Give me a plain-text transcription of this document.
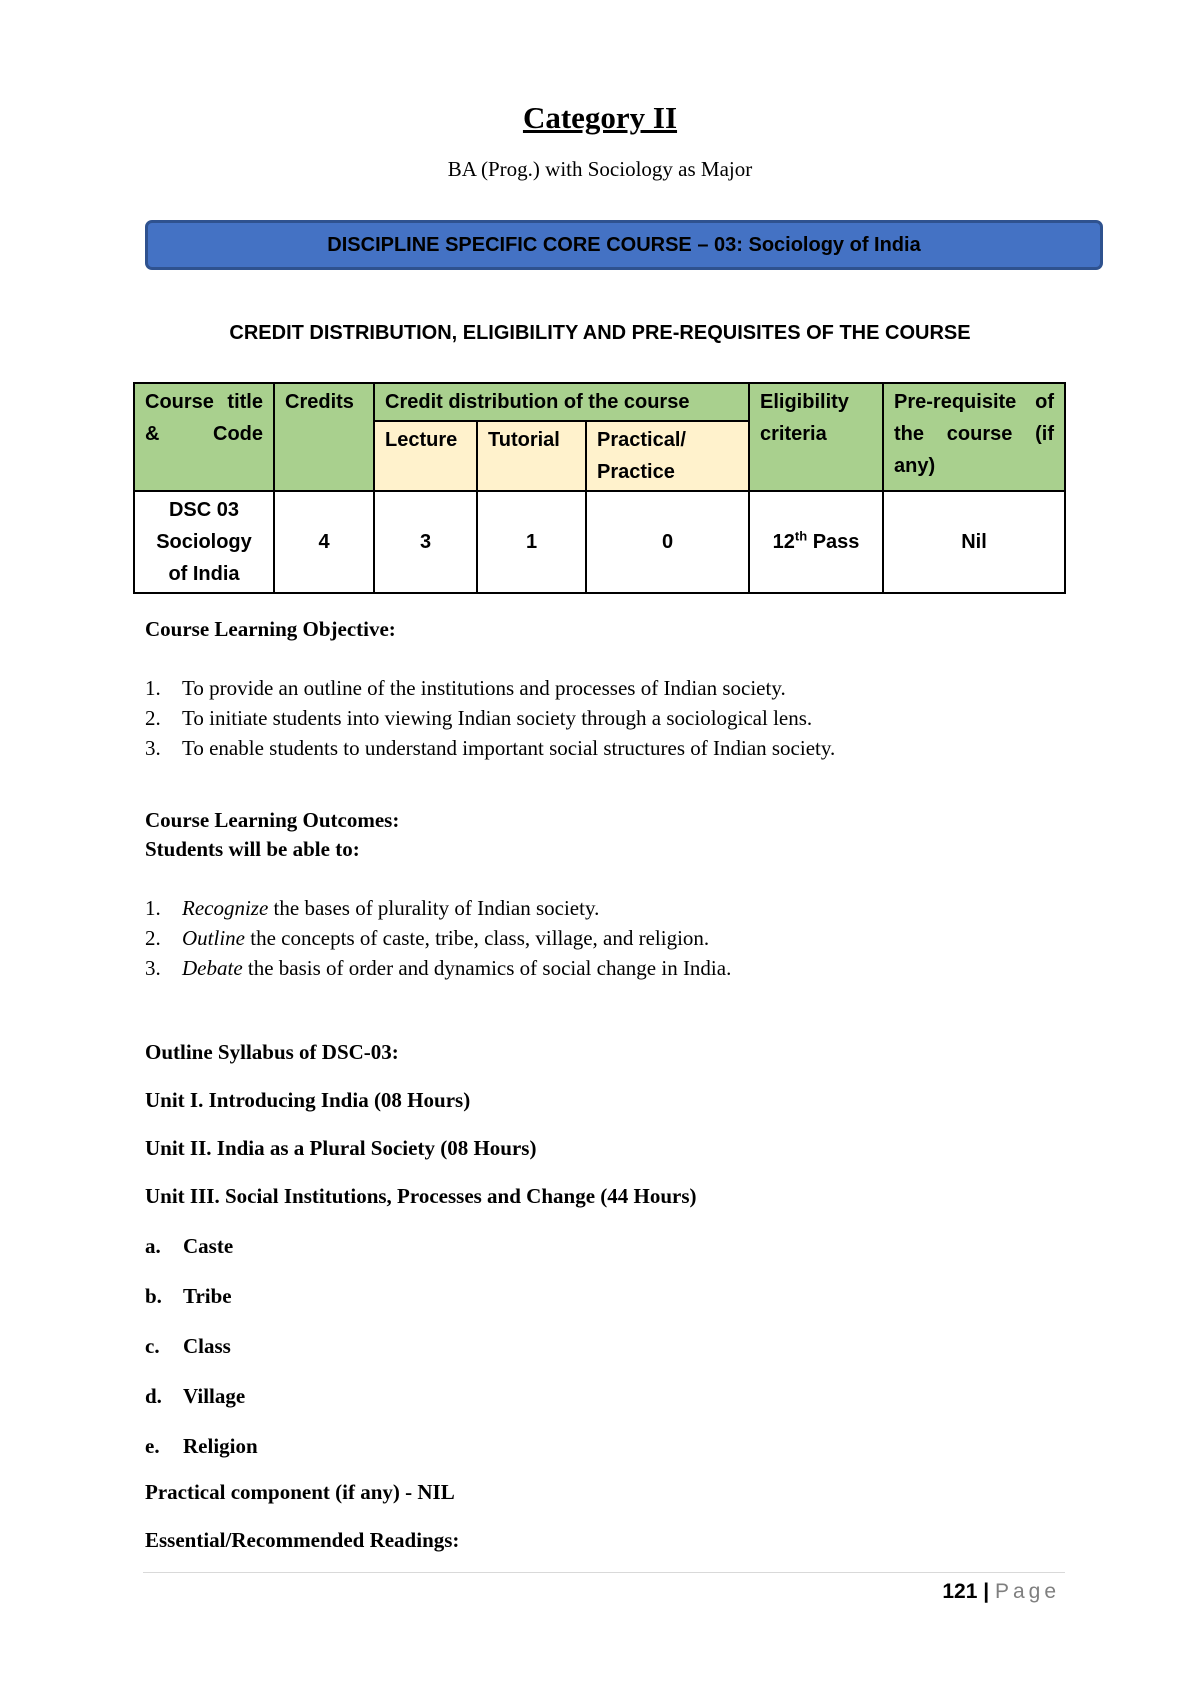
Category II
BA (Prog.) with Sociology as Major
DISCIPLINE SPECIFIC CORE COURSE – 03: Sociology of India
CREDIT DISTRIBUTION, ELIGIBILITY AND PRE-REQUISITES OF THE COURSE
Course title & Code	Credits	Credit distribution of the course			Eligibility criteria	Pre-requisite of the course (if any)
		Lecture	Tutorial	Practical/ Practice		
DSC 03 Sociology of India	4	3	1	0	12th Pass	Nil
Course Learning Objective:
1.	To provide an outline of the institutions and processes of Indian society.
2.	To initiate students into viewing Indian society through a sociological lens.
3.	To enable students to understand important social structures of Indian society.
Course Learning Outcomes:
Students will be able to:
1.	Recognize the bases of plurality of Indian society.
2.	Outline the concepts of caste, tribe, class, village, and religion.
3.	Debate the basis of order and dynamics of social change in India.
Outline Syllabus of DSC-03:
Unit I. Introducing India (08 Hours)
Unit II. India as a Plural Society (08 Hours)
Unit III. Social Institutions, Processes and Change (44 Hours)
a.	Caste
b.	Tribe
c.	Class
d.	Village
e.	Religion
Practical component (if any) - NIL
Essential/Recommended Readings:
121 | Page
